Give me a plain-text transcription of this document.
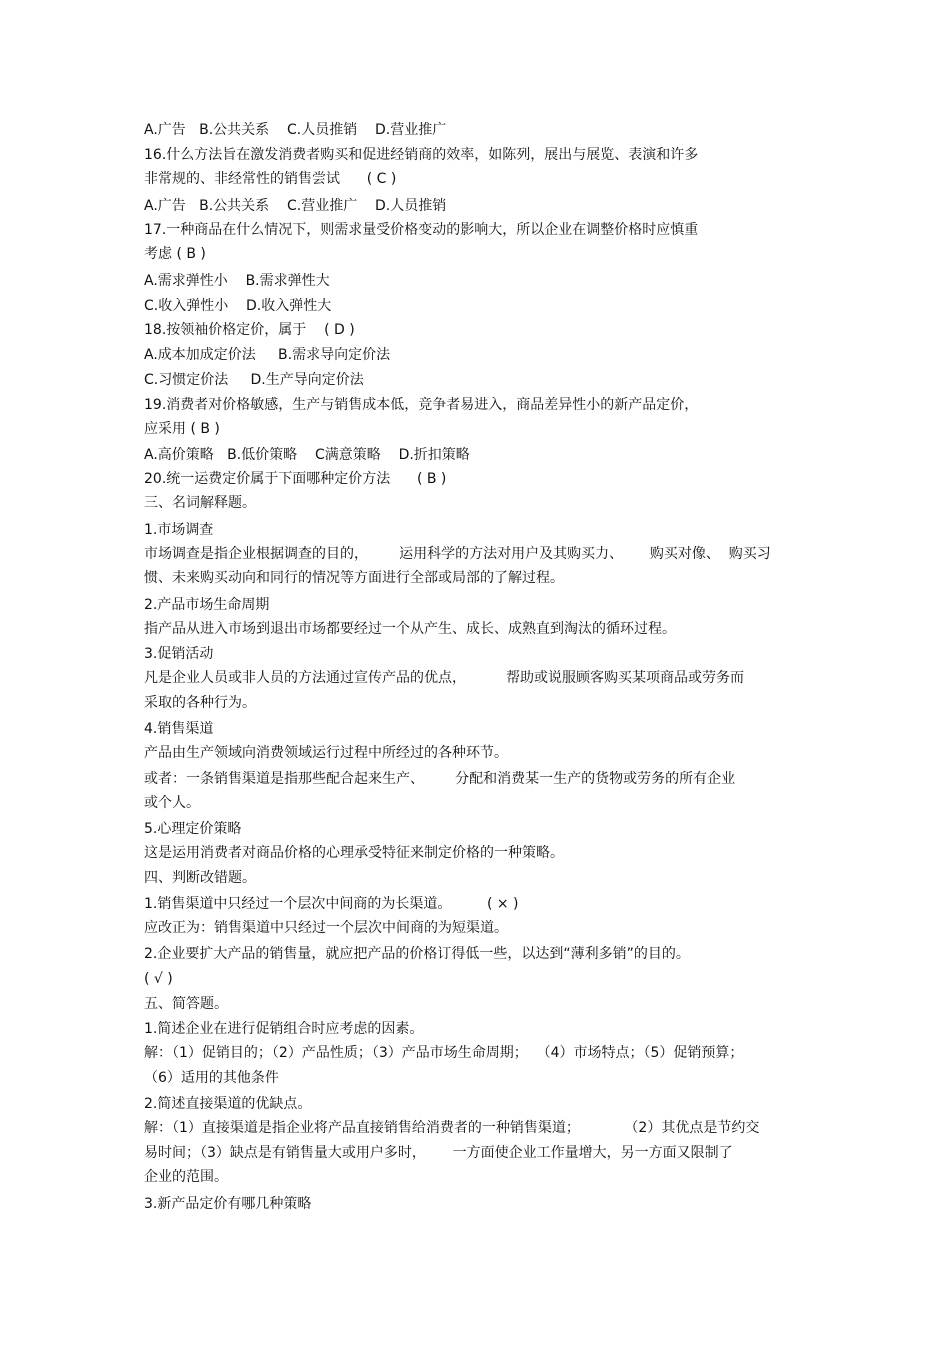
A.广告   B.公共关系    C.人员推销    D.营业推广

16.什么方法旨在激发消费者购买和促进经销商的效率，如陈列，展出与展览、表演和许多

非常规的、非经常性的销售尝试      ( C )

A.广告   B.公共关系    C.营业推广    D.人员推销

17.一种商品在什么情况下，则需求量受价格变动的影响大，所以企业在调整价格时应慎重

考虑 ( B )

A.需求弹性小    B.需求弹性大

C.收入弹性小    D.收入弹性大

18.按领袖价格定价，属于    ( D )

A.成本加成定价法     B.需求导向定价法

C.习惯定价法     D.生产导向定价法

19.消费者对价格敏感，生产与销售成本低，竞争者易进入，商品差异性小的新产品定价，

应采用 ( B )

A.高价策略   B.低价策略    C满意策略    D.折扣策略

20.统一运费定价属于下面哪种定价方法      ( B )

三、名词解释题。

1.市场调查

市场调查是指企业根据调查的目的，       运用科学的方法对用户及其购买力、      购买对像、  购买习

惯、未来购买动向和同行的情况等方面进行全部或局部的了解过程。

2.产品市场生命周期

指产品从进入市场到退出市场都要经过一个从产生、成长、成熟直到淘汰的循环过程。

3.促销活动

凡是企业人员或非人员的方法通过宣传产品的优点，         帮助或说服顾客购买某项商品或劳务而

采取的各种行为。

4.销售渠道

产品由生产领域向消费领域运行过程中所经过的各种环节。

或者：一条销售渠道是指那些配合起来生产、       分配和消费某一生产的货物或劳务的所有企业

或个人。

5.心理定价策略

这是运用消费者对商品价格的心理承受特征来制定价格的一种策略。

四、判断改错题。

1.销售渠道中只经过一个层次中间商的为长渠道。        ( × )

应改正为：销售渠道中只经过一个层次中间商的为短渠道。

2.企业要扩大产品的销售量，就应把产品的价格订得低一些，以达到“薄利多销”的目的。

( √ )

五、简答题。

1.简述企业在进行促销组合时应考虑的因素。

解：（1）促销目的；（2）产品性质；（3）产品市场生命周期；  （4）市场特点；（5）促销预算；

（6）适用的其他条件

2.简述直接渠道的优缺点。

解：（1）直接渠道是指企业将产品直接销售给消费者的一种销售渠道；          （2）其优点是节约交

易时间；（3）缺点是有销售量大或用户多时，      一方面使企业工作量增大，另一方面又限制了

企业的范围。

3.新产品定价有哪几种策略
